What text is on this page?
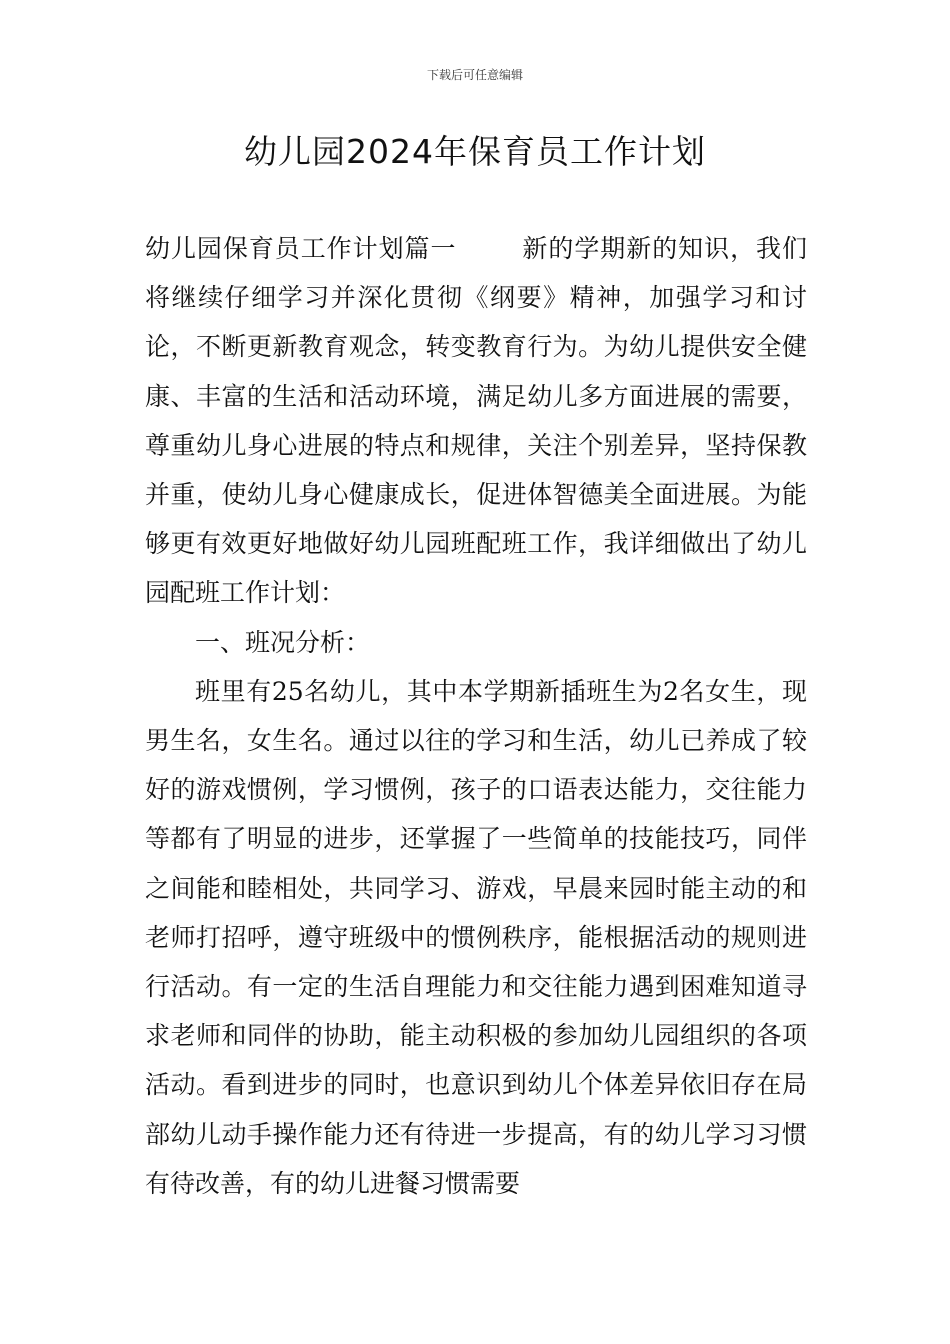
下载后可任意编辑
幼儿园2024年保育员工作计划

幼儿园保育员工作计划篇一	新的学期新的知识，我们将继续仔细学习并深化贯彻《纲要》精神，加强学习和讨论，不断更新教育观念，转变教育行为。为幼儿提供安全健康、丰富的生活和活动环境，满足幼儿多方面进展的需要，尊重幼儿身心进展的特点和规律，关注个别差异，坚持保教并重，使幼儿身心健康成长，促进体智德美全面进展。为能够更有效更好地做好幼儿园班配班工作，我详细做出了幼儿园配班工作计划：

一、班况分析：

班里有25名幼儿，其中本学期新插班生为2名女生，现男生名，女生名。通过以往的学习和生活，幼儿已养成了较好的游戏惯例，学习惯例，孩子的口语表达能力，交往能力等都有了明显的进步，还掌握了一些简单的技能技巧，同伴之间能和睦相处，共同学习、游戏，早晨来园时能主动的和老师打招呼，遵守班级中的惯例秩序，能根据活动的规则进行活动。有一定的生活自理能力和交往能力遇到困难知道寻求老师和同伴的协助，能主动积极的参加幼儿园组织的各项活动。看到进步的同时，也意识到幼儿个体差异依旧存在局部幼儿动手操作能力还有待进一步提高，有的幼儿学习习惯有待改善，有的幼儿进餐习惯需要
